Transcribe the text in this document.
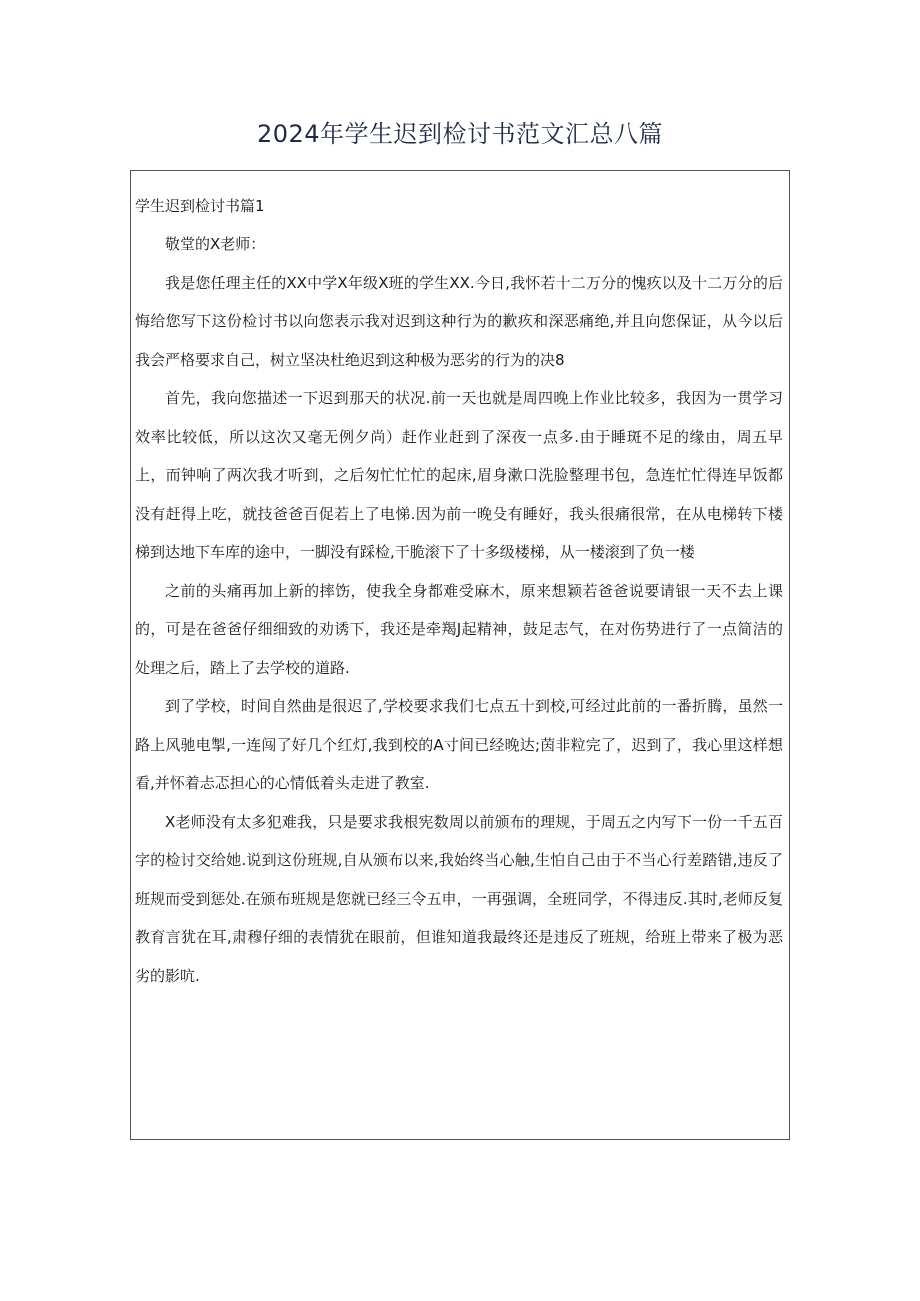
2024年学生迟到检讨书范文汇总八篇

学生迟到检讨书篇1

敬堂的X老师：

我是您任理主任的XX中学X年级X班的学生XX.今日,我怀若十二万分的愧疚以及十二万分的后悔给您写下这份检讨书以向您表示我对迟到这种行为的歉疚和深恶痛绝,并且向您保证，从今以后我会严格要求自己，树立坚决杜绝迟到这种极为恶劣的行为的决8

首先，我向您描述一下迟到那天的状况.前一天也就是周四晚上作业比较多，我因为一贯学习效率比较低，所以这次又毫无例夕尚）赶作业赶到了深夜一点多.由于睡斑不足的缘由，周五早上，而钟响了两次我才听到，之后匆忙忙忙的起床,眉身漱口洗脸整理书包，急连忙忙得连早饭都没有赶得上吃，就技爸爸百促若上了电悌.因为前一晚殳有睡好，我头很痛很常，在从电梯转下楼梯到达地下车库的途中，一脚没有踩检,干脆滚下了十多级楼梯，从一楼滚到了负一楼

之前的头痛再加上新的摔饬，使我全身都难受麻木，原来想颖若爸爸说要请银一天不去上课的，可是在爸爸仔细细致的劝诱下，我还是牵羯J起精神，鼓足志气，在对伤势进行了一点简洁的处理之后，踏上了去学校的道路.

到了学校，时间自然曲是很迟了,学校要求我们七点五十到校,可经过此前的一番折腾，虽然一路上风驰电掣,一连闯了好几个红灯,我到校的A寸间已经晚达;茵非粒完了，迟到了，我心里这样想看,并怀着忐忑担心的心情低着头走进了教室.

X老师没有太多犯难我，只是要求我根宪数周以前颁布的理规，于周五之内写下一份一千五百字的检讨交给她.说到这份班规,自从颁布以来,我始终当心触,生怕自己由于不当心行差踏错,违反了班规而受到惩处.在颁布班规是您就已经三令五申，一再强调，全班同学，不得违反.其时,老师反复教育言犹在耳,肃穆仔细的表情犹在眼前，但谁知道我最终还是违反了班规，给班上带来了极为恶劣的影吭.
